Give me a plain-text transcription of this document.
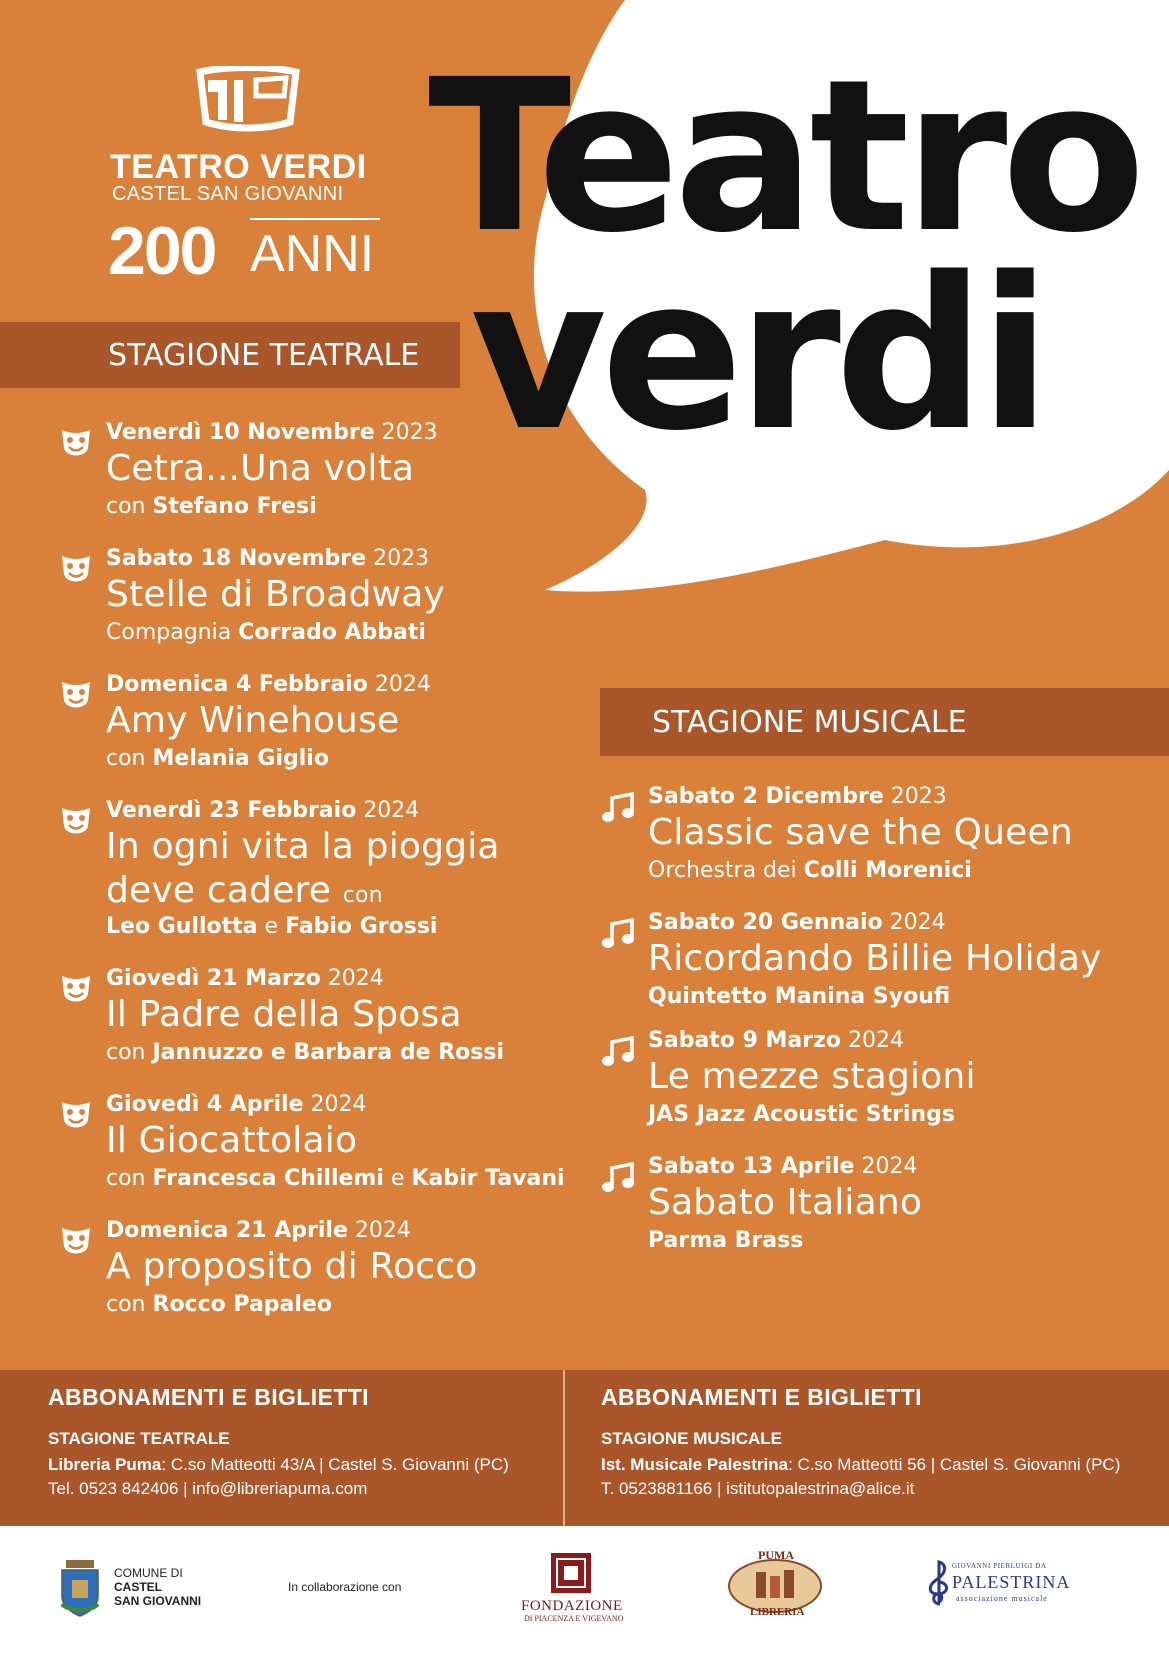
Teatro
verdi
TEATRO VERDI
CASTEL SAN GIOVANNI
200 ANNI
STAGIONE TEATRALE
STAGIONE MUSICALE
Venerdì 10 Novembre 2023
Cetra...Una volta
con Stefano Fresi
Sabato 18 Novembre 2023
Stelle di Broadway
Compagnia Corrado Abbati
Domenica 4 Febbraio 2024
Amy Winehouse
con Melania Giglio
Venerdì 23 Febbraio 2024
In ogni vita la pioggia
deve cadere con
Leo Gullotta e Fabio Grossi
Giovedì 21 Marzo 2024
Il Padre della Sposa
con Jannuzzo e Barbara de Rossi
Giovedì 4 Aprile 2024
Il Giocattolaio
con Francesca Chillemi e Kabir Tavani
Domenica 21 Aprile 2024
A proposito di Rocco
con Rocco Papaleo
Sabato 2 Dicembre 2023
Classic save the Queen
Orchestra dei Colli Morenici
Sabato 20 Gennaio 2024
Ricordando Billie Holiday
Quintetto Manina Syoufi
Sabato 9 Marzo 2024
Le mezze stagioni
JAS Jazz Acoustic Strings
Sabato 13 Aprile 2024
Sabato Italiano
Parma Brass
ABBONAMENTI E BIGLIETTI
STAGIONE TEATRALE
Libreria Puma: C.so Matteotti 43/A | Castel S. Giovanni (PC)
Tel. 0523 842406 | info@libreriapuma.com
ABBONAMENTI E BIGLIETTI
STAGIONE MUSICALE
Ist. Musicale Palestrina: C.so Matteotti 56 | Castel S. Giovanni (PC)
T. 0523881166 | istitutopalestrina@alice.it
COMUNE DI
CASTEL
SAN GIOVANNI
In collaborazione con
FONDAZIONE
DI PIACENZA E VIGEVANO
PUMA
LIBRERIA
GIOVANNI PIERLUIGI DA
PALESTRINA
associazione musicale
